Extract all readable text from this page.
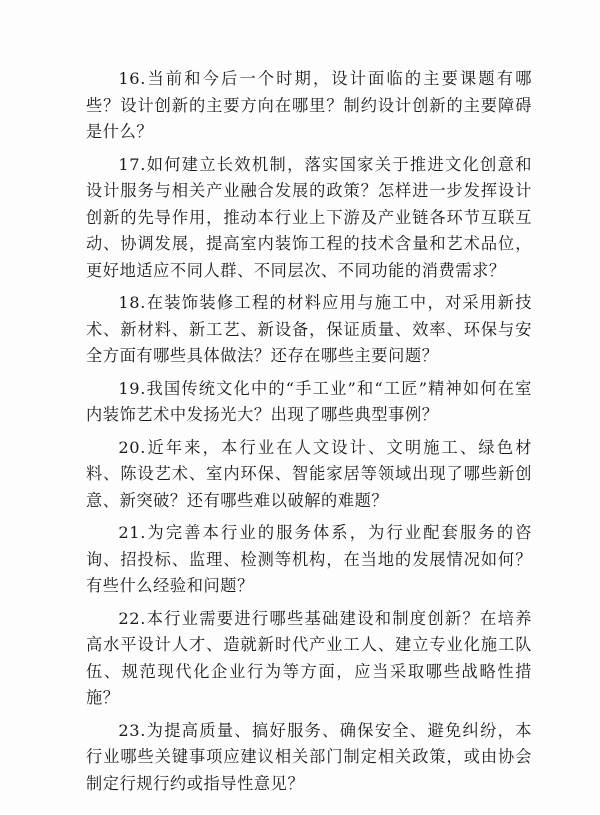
16.当前和今后一个时期，设计面临的主要课题有哪些？设计创新的主要方向在哪里？制约设计创新的主要障碍是什么？

17.如何建立长效机制，落实国家关于推进文化创意和设计服务与相关产业融合发展的政策？怎样进一步发挥设计创新的先导作用，推动本行业上下游及产业链各环节互联互动、协调发展，提高室内装饰工程的技术含量和艺术品位，更好地适应不同人群、不同层次、不同功能的消费需求？

18.在装饰装修工程的材料应用与施工中，对采用新技术、新材料、新工艺、新设备，保证质量、效率、环保与安全方面有哪些具体做法？还存在哪些主要问题？

19.我国传统文化中的“手工业”和“工匠”精神如何在室内装饰艺术中发扬光大？出现了哪些典型事例？

20.近年来，本行业在人文设计、文明施工、绿色材料、陈设艺术、室内环保、智能家居等领域出现了哪些新创意、新突破？还有哪些难以破解的难题？

21.为完善本行业的服务体系，为行业配套服务的咨询、招投标、监理、检测等机构，在当地的发展情况如何？有些什么经验和问题？

22.本行业需要进行哪些基础建设和制度创新？在培养高水平设计人才、造就新时代产业工人、建立专业化施工队伍、规范现代化企业行为等方面，应当采取哪些战略性措施？

23.为提高质量、搞好服务、确保安全、避免纠纷，本行业哪些关键事项应建议相关部门制定相关政策，或由协会制定行规行约或指导性意见？
